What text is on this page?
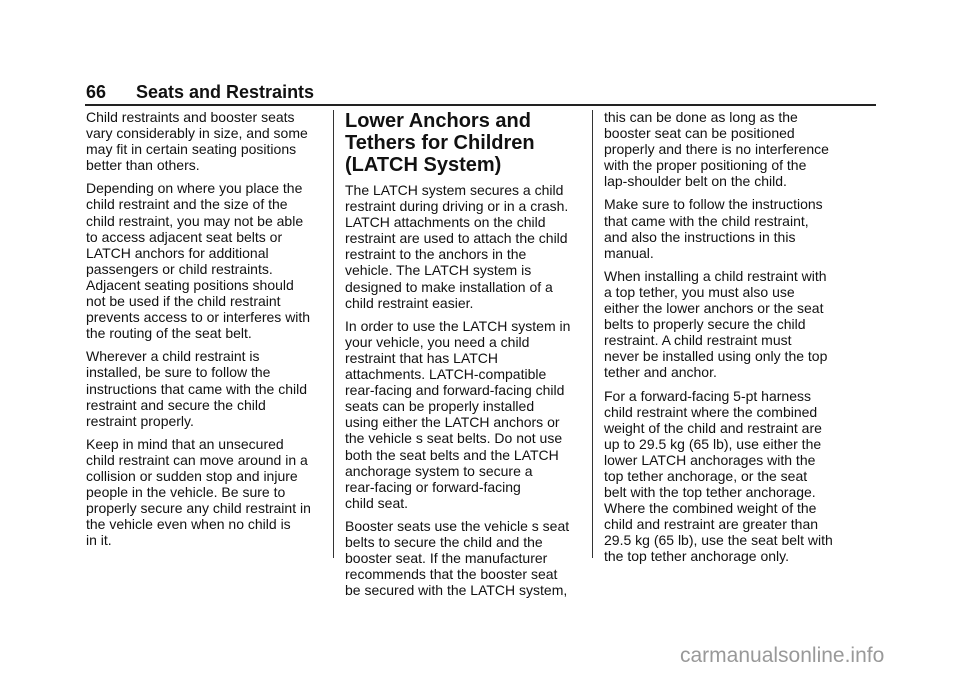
66 Seats and Restraints

Child restraints and booster seats
vary considerably in size, and some
may fit in certain seating positions
better than others.

Depending on where you place the
child restraint and the size of the
child restraint, you may not be able
to access adjacent seat belts or
LATCH anchors for additional
passengers or child restraints.
Adjacent seating positions should
not be used if the child restraint
prevents access to or interferes with
the routing of the seat belt.

Wherever a child restraint is
installed, be sure to follow the
instructions that came with the child
restraint and secure the child
restraint properly.

Keep in mind that an unsecured
child restraint can move around in a
collision or sudden stop and injure
people in the vehicle. Be sure to
properly secure any child restraint in
the vehicle even when no child is
in it.

Lower Anchors and
Tethers for Children
(LATCH System)

The LATCH system secures a child
restraint during driving or in a crash.
LATCH attachments on the child
restraint are used to attach the child
restraint to the anchors in the
vehicle. The LATCH system is
designed to make installation of a
child restraint easier.

In order to use the LATCH system in
your vehicle, you need a child
restraint that has LATCH
attachments. LATCH-compatible
rear-facing and forward-facing child
seats can be properly installed
using either the LATCH anchors or
the vehicle s seat belts. Do not use
both the seat belts and the LATCH
anchorage system to secure a
rear-facing or forward-facing
child seat.

Booster seats use the vehicle s seat
belts to secure the child and the
booster seat. If the manufacturer
recommends that the booster seat
be secured with the LATCH system,

this can be done as long as the
booster seat can be positioned
properly and there is no interference
with the proper positioning of the
lap-shoulder belt on the child.

Make sure to follow the instructions
that came with the child restraint,
and also the instructions in this
manual.

When installing a child restraint with
a top tether, you must also use
either the lower anchors or the seat
belts to properly secure the child
restraint. A child restraint must
never be installed using only the top
tether and anchor.

For a forward-facing 5-pt harness
child restraint where the combined
weight of the child and restraint are
up to 29.5 kg (65 lb), use either the
lower LATCH anchorages with the
top tether anchorage, or the seat
belt with the top tether anchorage.
Where the combined weight of the
child and restraint are greater than
29.5 kg (65 lb), use the seat belt with
the top tether anchorage only.

carmanualsonline.info
